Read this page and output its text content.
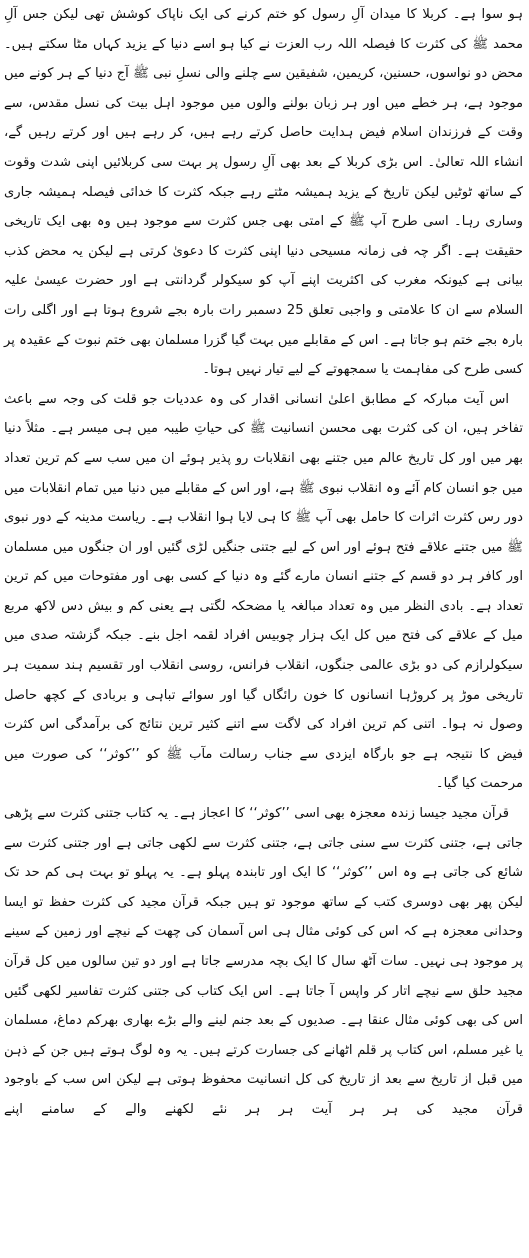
ہو سوا ہے۔ کربلا کا میدان آلِ رسول کو ختم کرنے کی ایک ناپاک کوشش تھی لیکن جس آلِ محمد ﷺ کی کثرت کا فیصلہ اللہ رب العزت نے کیا ہو اسے دنیا کے یزید کہاں مٹا سکتے ہیں۔ محض دو نواسوں، حسنین، کریمین، شفیقین سے چلنے والی نسلِ نبی ﷺ آج دنیا کے ہر کونے میں موجود ہے، ہر خطے میں اور ہر زبان بولنے والوں میں موجود اہل بیت کی نسل مقدس، سے وقت کے فرزندان اسلام فیض ہدایت حاصل کرتے رہے ہیں، کر رہے ہیں اور کرتے رہیں گے، انشاء اللہ تعالیٰ۔ اس بڑی کربلا کے بعد بھی آلِ رسول پر بہت سی کربلائیں اپنی شدت وقوت کے ساتھ ٹوٹیں لیکن تاریخ کے یزید ہمیشہ مٹتے رہے جبکہ کثرت کا خدائی فیصلہ ہمیشہ جاری وساری رہا۔ اسی طرح آپ ﷺ کے امتی بھی جس کثرت سے موجود ہیں وہ بھی ایک تاریخی حقیقت ہے۔ اگر چہ فی زمانہ مسیحی دنیا اپنی کثرت کا دعویٰ کرتی ہے لیکن یہ محض کذب بیانی ہے کیونکہ مغرب کی اکثریت اپنے آپ کو سیکولر گردانتی ہے اور حضرت عیسیٰ علیہ السلام سے ان کا علامتی و واجبی تعلق 25 دسمبر رات بارہ بجے شروع ہوتا ہے اور اگلی رات بارہ بجے ختم ہو جاتا ہے۔ اس کے مقابلے میں بہت گیا گزرا مسلمان بھی ختم نبوت کے عقیدہ پر کسی طرح کی مفاہمت یا سمجھوتے کے لیے تیار نہیں ہوتا۔

اس آیت مبارکہ کے مطابق اعلیٰ انسانی اقدار کی وہ عددیات جو قلت کی وجہ سے باعث تفاخر ہیں، ان کی کثرت بھی محسن انسانیت ﷺ کی حیاتِ طیبہ میں ہی میسر ہے۔ مثلاً دنیا بھر میں اور کل تاریخ عالم میں جتنے بھی انقلابات رو پذیر ہوئے ان میں سب سے کم ترین تعداد میں جو انسان کام آئے وہ انقلاب نبوی ﷺ ہے، اور اس کے مقابلے میں دنیا میں تمام انقلابات میں دور رس کثرت اثرات کا حامل بھی آپ ﷺ کا ہی لایا ہوا انقلاب ہے۔ ریاست مدینہ کے دور نبوی ﷺ میں جتنے علاقے فتح ہوئے اور اس کے لیے جتنی جنگیں لڑی گئیں اور ان جنگوں میں مسلمان اور کافر ہر دو قسم کے جتنے انسان مارے گئے وہ دنیا کے کسی بھی اور مفتوحات میں کم ترین تعداد ہے۔ بادی النظر میں وہ تعداد مبالغہ یا مضحکہ لگتی ہے یعنی کم و بیش دس لاکھ مربع میل کے علاقے کی فتح میں کل ایک ہزار چوبیس افراد لقمہ اجل بنے۔ جبکہ گزشتہ صدی میں سیکولرازم کی دو بڑی عالمی جنگوں، انقلاب فرانس، روسی انقلاب اور تقسیم ہند سمیت ہر تاریخی موڑ پر کروڑہا انسانوں کا خون رائگاں گیا اور سوائے تباہی و بربادی کے کچھ حاصل وصول نہ ہوا۔ اتنی کم ترین افراد کی لاگت سے اتنے کثیر ترین نتائج کی برآمدگی اس کثرت فیض کا نتیجہ ہے جو بارگاہ ایزدی سے جناب رسالت مآب ﷺ کو ’’کوثر‘‘ کی صورت میں مرحمت کیا گیا۔

قرآن مجید جیسا زندہ معجزہ بھی اسی ’’کوثر‘‘ کا اعجاز ہے۔ یہ کتاب جتنی کثرت سے پڑھی جاتی ہے، جتنی کثرت سے سنی جاتی ہے، جتنی کثرت سے لکھی جاتی ہے اور جتنی کثرت سے شائع کی جاتی ہے وہ اس ’’کوثر‘‘ کا ایک اور تابندہ پہلو ہے۔ یہ پہلو تو بہت ہی کم حد تک لیکن پھر بھی دوسری کتب کے ساتھ موجود تو ہیں جبکہ قرآن مجید کی کثرت حفظ تو ایسا وحدانی معجزہ ہے کہ اس کی کوئی مثال ہی اس آسمان کی چھت کے نیچے اور زمین کے سینے پر موجود ہی نہیں۔ سات آٹھ سال کا ایک بچہ مدرسے جاتا ہے اور دو تین سالوں میں کل قرآن مجید حلق سے نیچے اتار کر واپس آ جاتا ہے۔ اس ایک کتاب کی جتنی کثرت تفاسیر لکھی گئیں اس کی بھی کوئی مثال عنقا ہے۔ صدیوں کے بعد جنم لینے والے بڑے بھاری بھرکم دماغ، مسلمان یا غیر مسلم، اس کتاب پر قلم اٹھانے کی جسارت کرتے ہیں۔ یہ وہ لوگ ہوتے ہیں جن کے ذہن میں قبل از تاریخ سے بعد از تاریخ کی کل انسانیت محفوظ ہوتی ہے لیکن اس سب کے باوجود قرآن مجید کی ہر ہر آیت ہر ہر نئے لکھنے والے کے سامنے اپنے
